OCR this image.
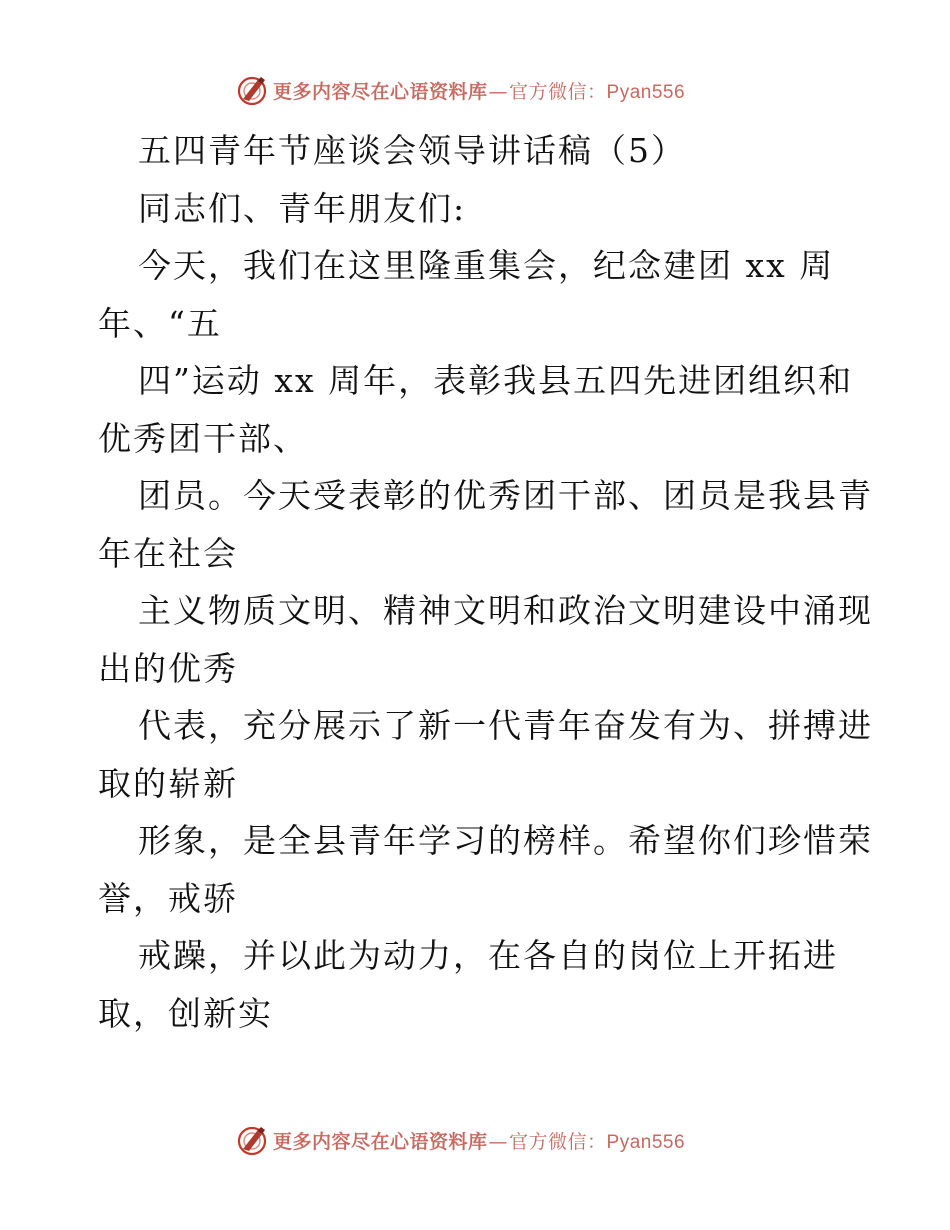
更多内容尽在心语资料库—官方微信：Pyan556
五四青年节座谈会领导讲话稿（5）
同志们、青年朋友们:
今天，我们在这里隆重集会，纪念建团 xx 周
年、“五
四”运动 xx 周年，表彰我县五四先进团组织和
优秀团干部、
团员。今天受表彰的优秀团干部、团员是我县青
年在社会
主义物质文明、精神文明和政治文明建设中涌现
出的优秀
代表，充分展示了新一代青年奋发有为、拼搏进
取的崭新
形象，是全县青年学习的榜样。希望你们珍惜荣
誉，戒骄
戒躁，并以此为动力，在各自的岗位上开拓进
取，创新实
更多内容尽在心语资料库—官方微信：Pyan556
